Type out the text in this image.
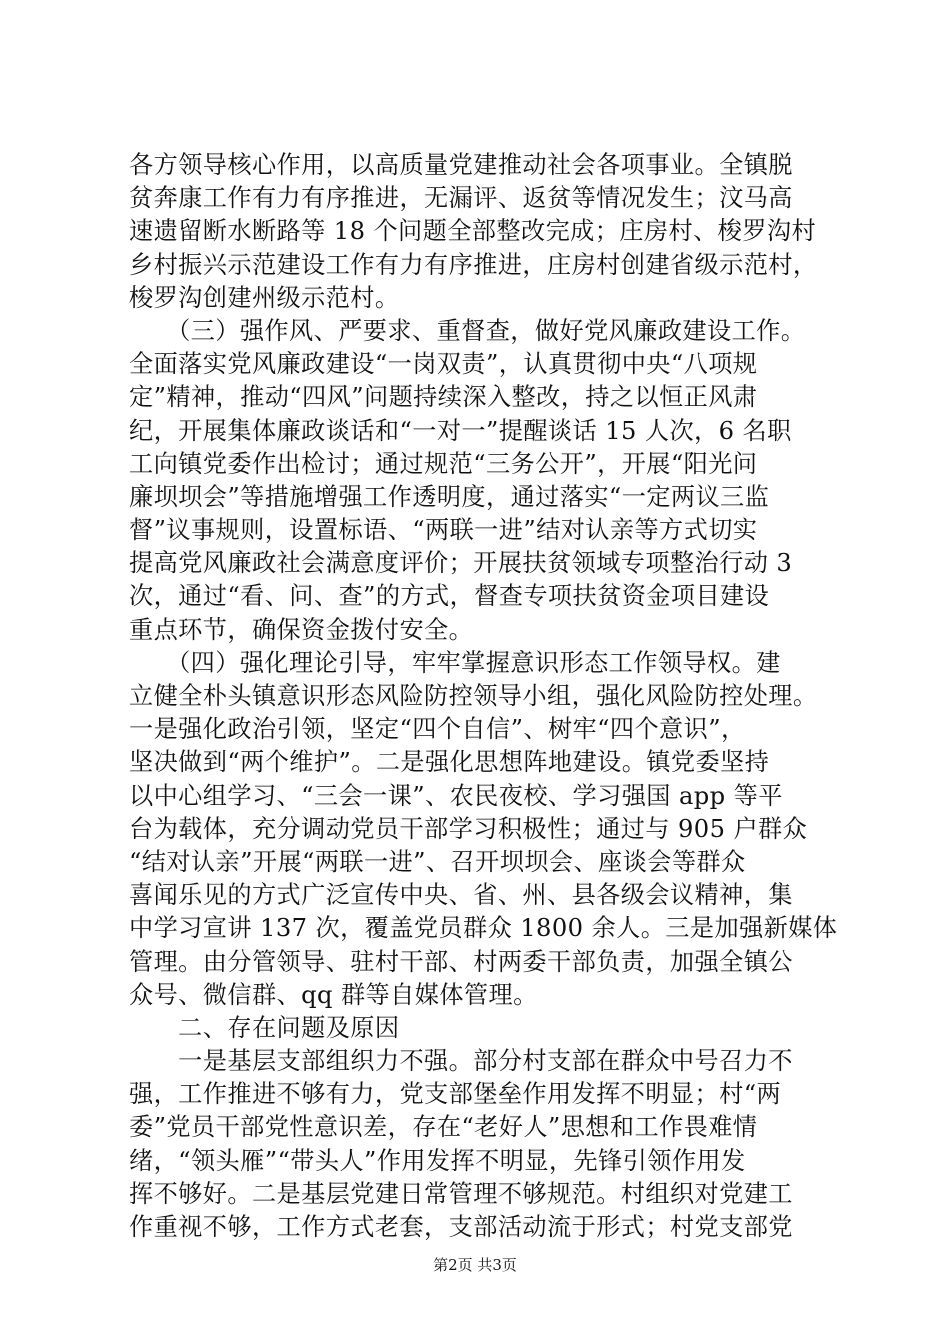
各方领导核心作用，以高质量党建推动社会各项事业。全镇脱
贫奔康工作有力有序推进，无漏评、返贫等情况发生；汶马高
速遗留断水断路等 18 个问题全部整改完成；庄房村、梭罗沟村
乡村振兴示范建设工作有力有序推进，庄房村创建省级示范村，
梭罗沟创建州级示范村。
　　（三）强作风、严要求、重督查，做好党风廉政建设工作。
全面落实党风廉政建设“一岗双责”，认真贯彻中央“八项规
定”精神，推动“四风”问题持续深入整改，持之以恒正风肃
纪，开展集体廉政谈话和“一对一”提醒谈话 15 人次，6 名职
工向镇党委作出检讨；通过规范“三务公开”，开展“阳光问
廉坝坝会”等措施增强工作透明度，通过落实“一定两议三监
督”议事规则，设置标语、“两联一进”结对认亲等方式切实
提高党风廉政社会满意度评价；开展扶贫领域专项整治行动 3
次，通过“看、问、查”的方式，督查专项扶贫资金项目建设
重点环节，确保资金拨付安全。
　　（四）强化理论引导，牢牢掌握意识形态工作领导权。建
立健全朴头镇意识形态风险防控领导小组，强化风险防控处理。
一是强化政治引领，坚定“四个自信”、树牢“四个意识”，
坚决做到“两个维护”。二是强化思想阵地建设。镇党委坚持
以中心组学习、“三会一课”、农民夜校、学习强国 app 等平
台为载体，充分调动党员干部学习积极性；通过与 905 户群众
“结对认亲”开展“两联一进”、召开坝坝会、座谈会等群众
喜闻乐见的方式广泛宣传中央、省、州、县各级会议精神，集
中学习宣讲 137 次，覆盖党员群众 1800 余人。三是加强新媒体
管理。由分管领导、驻村干部、村两委干部负责，加强全镇公
众号、微信群、qq 群等自媒体管理。
　　二、存在问题及原因
　　一是基层支部组织力不强。部分村支部在群众中号召力不
强，工作推进不够有力，党支部堡垒作用发挥不明显；村“两
委”党员干部党性意识差，存在“老好人”思想和工作畏难情
绪，“领头雁”“带头人”作用发挥不明显，先锋引领作用发
挥不够好。二是基层党建日常管理不够规范。村组织对党建工
作重视不够，工作方式老套，支部活动流于形式；村党支部党
第2页 共3页
